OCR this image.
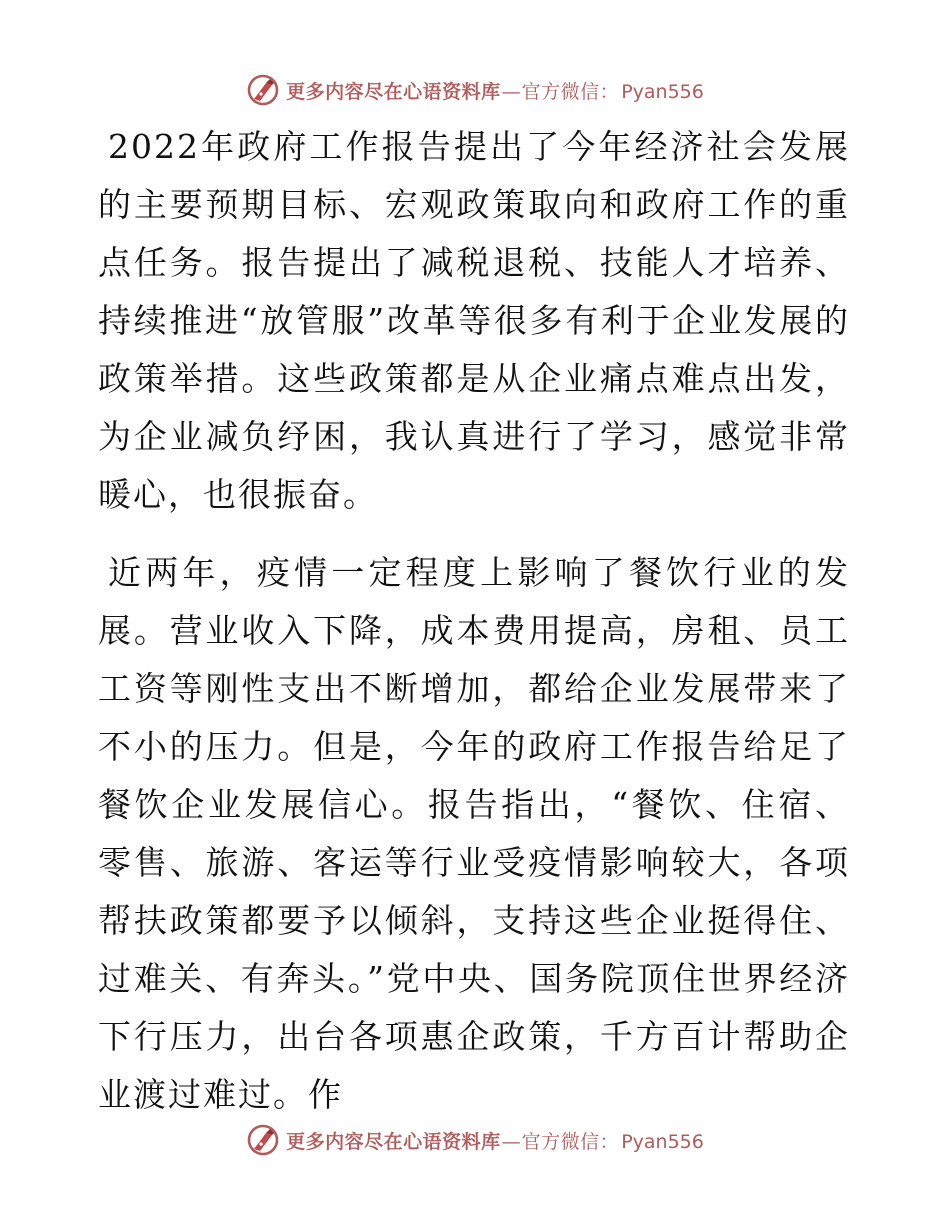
更多内容尽在心语资料库 — 官方微信： Pyan556

2022年政府工作报告提出了今年经济社会发展的主要预期目标、宏观政策取向和政府工作的重点任务。报告提出了减税退税、技能人才培养、持续推进“放管服”改革等很多有利于企业发展的政策举措。这些政策都是从企业痛点难点出发，为企业减负纾困，我认真进行了学习，感觉非常暖心，也很振奋。

近两年，疫情一定程度上影响了餐饮行业的发展。营业收入下降，成本费用提高，房租、员工工资等刚性支出不断增加，都给企业发展带来了不小的压力。但是，今年的政府工作报告给足了餐饮企业发展信心。报告指出，“餐饮、住宿、零售、旅游、客运等行业受疫情影响较大，各项帮扶政策都要予以倾斜，支持这些企业挺得住、过难关、有奔头。”党中央、国务院顶住世界经济下行压力，出台各项惠企政策，千方百计帮助企业渡过难过。作

更多内容尽在心语资料库 — 官方微信： Pyan556
